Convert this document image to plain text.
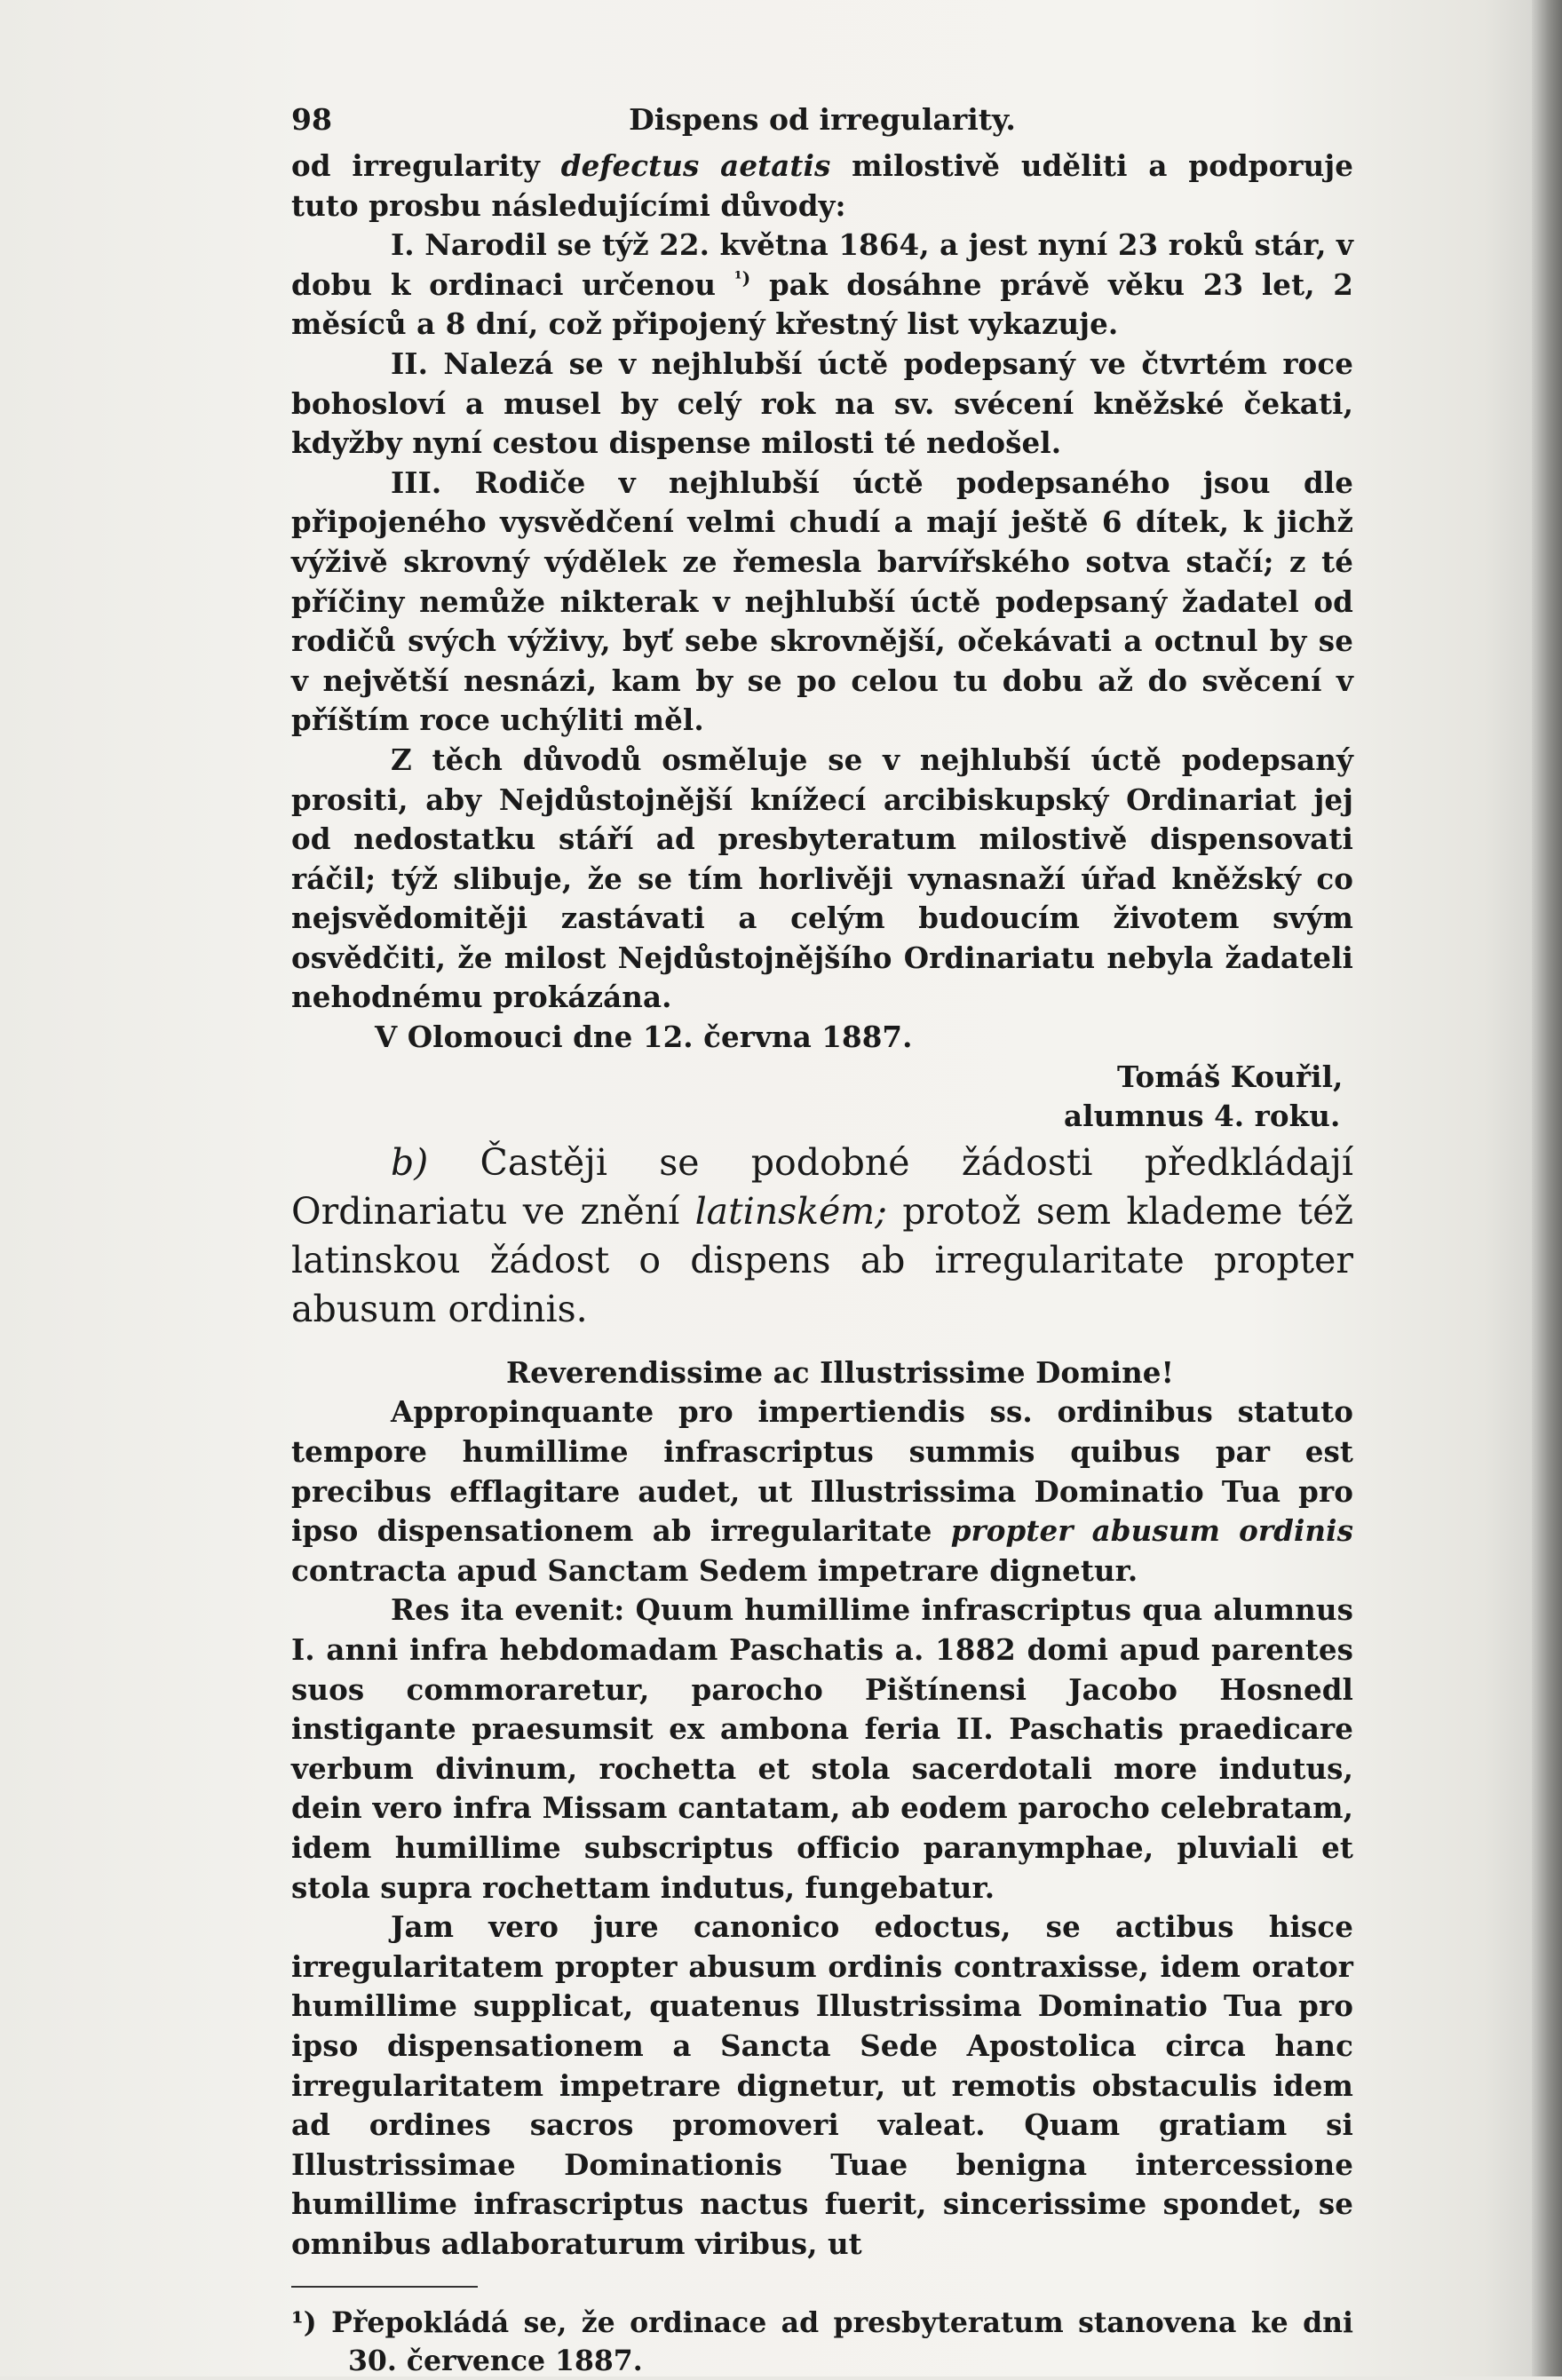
98	Dispens od irregularity.

od irregularity defectus aetatis milostivě uděliti a podporuje tuto prosbu následujícími důvody:

I. Narodil se týž 22. května 1864, a jest nyní 23 roků stár, v dobu k ordinaci určenou $^{^1)}$ pak dosáhne právě věku 23 let, 2 měsíců a 8 dní, což připojený křestný list vykazuje.

II. Nalezá se v nejhlubší úctě podepsaný ve čtvrtém roce bohosloví a musel by celý rok na sv. svécení kněžské čekati, kdyžby nyní cestou dispense milosti té nedošel.

III. Rodiče v nejhlubší úctě podepsaného jsou dle připojeného vysvědčení velmi chudí a mají ještě 6 dítek, k jichž výživě skrovný výdělek ze řemesla barvířského sotva stačí; z té příčiny nemůže nikterak v nejhlubší úctě podepsaný žadatel od rodičů svých výživy, byť sebe skrovnější, očekávati a octnul by se v největší nesnázi, kam by se po celou tu dobu až do svěcení v příštím roce uchýliti měl.

Z těch důvodů osměluje se v nejhlubší úctě podepsaný prositi, aby Nejdůstojnější knížecí arcibiskupský Ordinariat jej od nedostatku stáří ad presbyteratum milostivě dispensovati ráčil; týž slibuje, že se tím horlivěji vynasnaží úřad kněžský co nejsvědomitěji zastávati a celým budoucím životem svým osvědčiti, že milost Nejdůstojnějšího Ordinariatu nebyla žadateli nehodnému prokázána.

V Olomouci dne 12. června 1887.

Tomáš Kouřil,
alumnus 4. roku.

b) Častěji se podobné žádosti předkládají Ordinariatu ve znění latinském; protož sem klademe též latinskou žádost o dispens ab irregularitate propter abusum ordinis.

Reverendissime ac Illustrissime Domine!

Appropinquante pro impertiendis ss. ordinibus statuto tempore humillime infrascriptus summis quibus par est precibus efflagitare audet, ut Illustrissima Dominatio Tua pro ipso dispensationem ab irregularitate propter abusum ordinis contracta apud Sanctam Sedem impetrare dignetur.

Res ita evenit: Quum humillime infrascriptus qua alumnus I. anni infra hebdomadam Paschatis a. 1882 domi apud parentes suos commoraretur, parocho Pištínensi Jacobo Hosnedl instigante praesumsit ex ambona feria II. Paschatis praedicare verbum divinum, rochetta et stola sacerdotali more indutus, dein vero infra Missam cantatam, ab eodem parocho celebratam, idem humillime subscriptus officio paranymphae, pluviali et stola supra rochettam indutus, fungebatur.

Jam vero jure canonico edoctus, se actibus hisce irregularitatem propter abusum ordinis contraxisse, idem orator humillime supplicat, quatenus Illustrissima Dominatio Tua pro ipso dispensationem a Sancta Sede Apostolica circa hanc irregularitatem impetrare dignetur, ut remotis obstaculis idem ad ordines sacros promoveri valeat. Quam gratiam si Illustrissimae Dominationis Tuae benigna intercessione humillime infrascriptus nactus fuerit, sincerissime spondet, se omnibus adlaboraturum viribus, ut

¹) Přepokládá se, že ordinace ad presbyteratum stanovena ke dni 30. července 1887.
